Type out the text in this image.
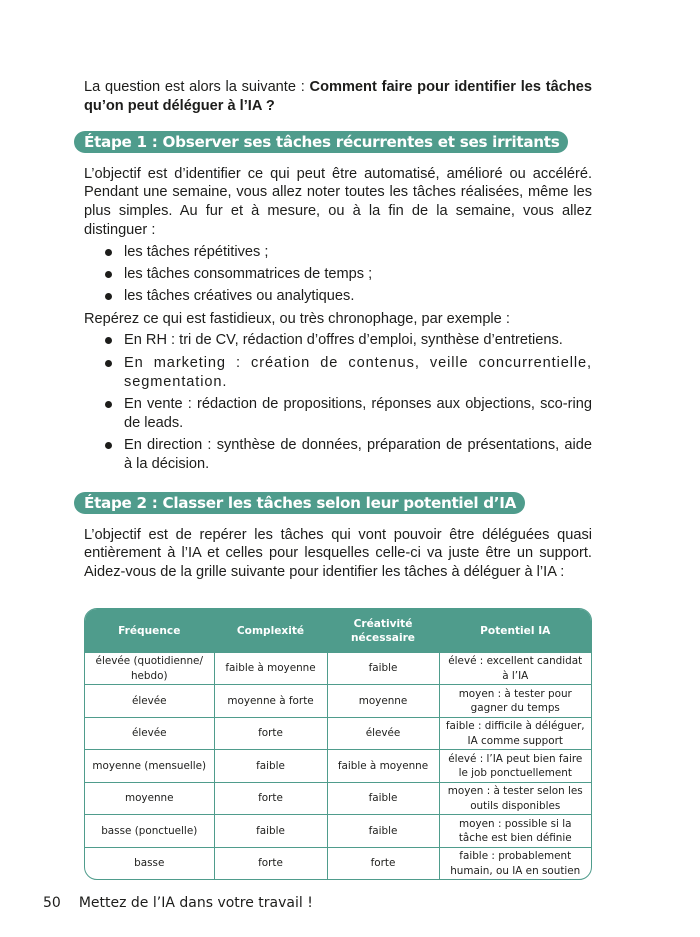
La question est alors la suivante : Comment faire pour identifier les tâches qu’on peut déléguer à l’IA ?

Étape 1 : Observer ses tâches récurrentes et ses irritants

L’objectif est d’identifier ce qui peut être automatisé, amélioré ou accéléré. Pendant une semaine, vous allez noter toutes les tâches réalisées, même les plus simples. Au fur et à mesure, ou à la fin de la semaine, vous allez distinguer :

les tâches répétitives ;
les tâches consommatrices de temps ;
les tâches créatives ou analytiques.

Repérez ce qui est fastidieux, ou très chronophage, par exemple :

En RH : tri de CV, rédaction d’offres d’emploi, synthèse d’entretiens.
En marketing : création de contenus, veille concurrentielle, segmentation.
En vente : rédaction de propositions, réponses aux objections, sco-ring de leads.
En direction : synthèse de données, préparation de présentations, aide à la décision.
Étape 2 : Classer les tâches selon leur potentiel d’IA

L’objectif est de repérer les tâches qui vont pouvoir être déléguées quasi entièrement à l’IA et celles pour lesquelles celle-ci va juste être un support. Aidez-vous de la grille suivante pour identifier les tâches à déléguer à l’IA :

Fréquence	Complexité	Créativité nécessaire	Potentiel IA
élevée (quotidienne/ hebdo)	faible à moyenne	faible	élevé : excellent candidat à l’IA
élevée	moyenne à forte	moyenne	moyen : à tester pour gagner du temps
élevée	forte	élevée	faible : difficile à déléguer, IA comme support
moyenne (mensuelle)	faible	faible à moyenne	élevé : l’IA peut bien faire le job ponctuellement
moyenne	forte	faible	moyen : à tester selon les outils disponibles
basse (ponctuelle)	faible	faible	moyen : possible si la tâche est bien définie
basse	forte	forte	faible : probablement humain, ou IA en soutien
50 Mettez de l’IA dans votre travail !
